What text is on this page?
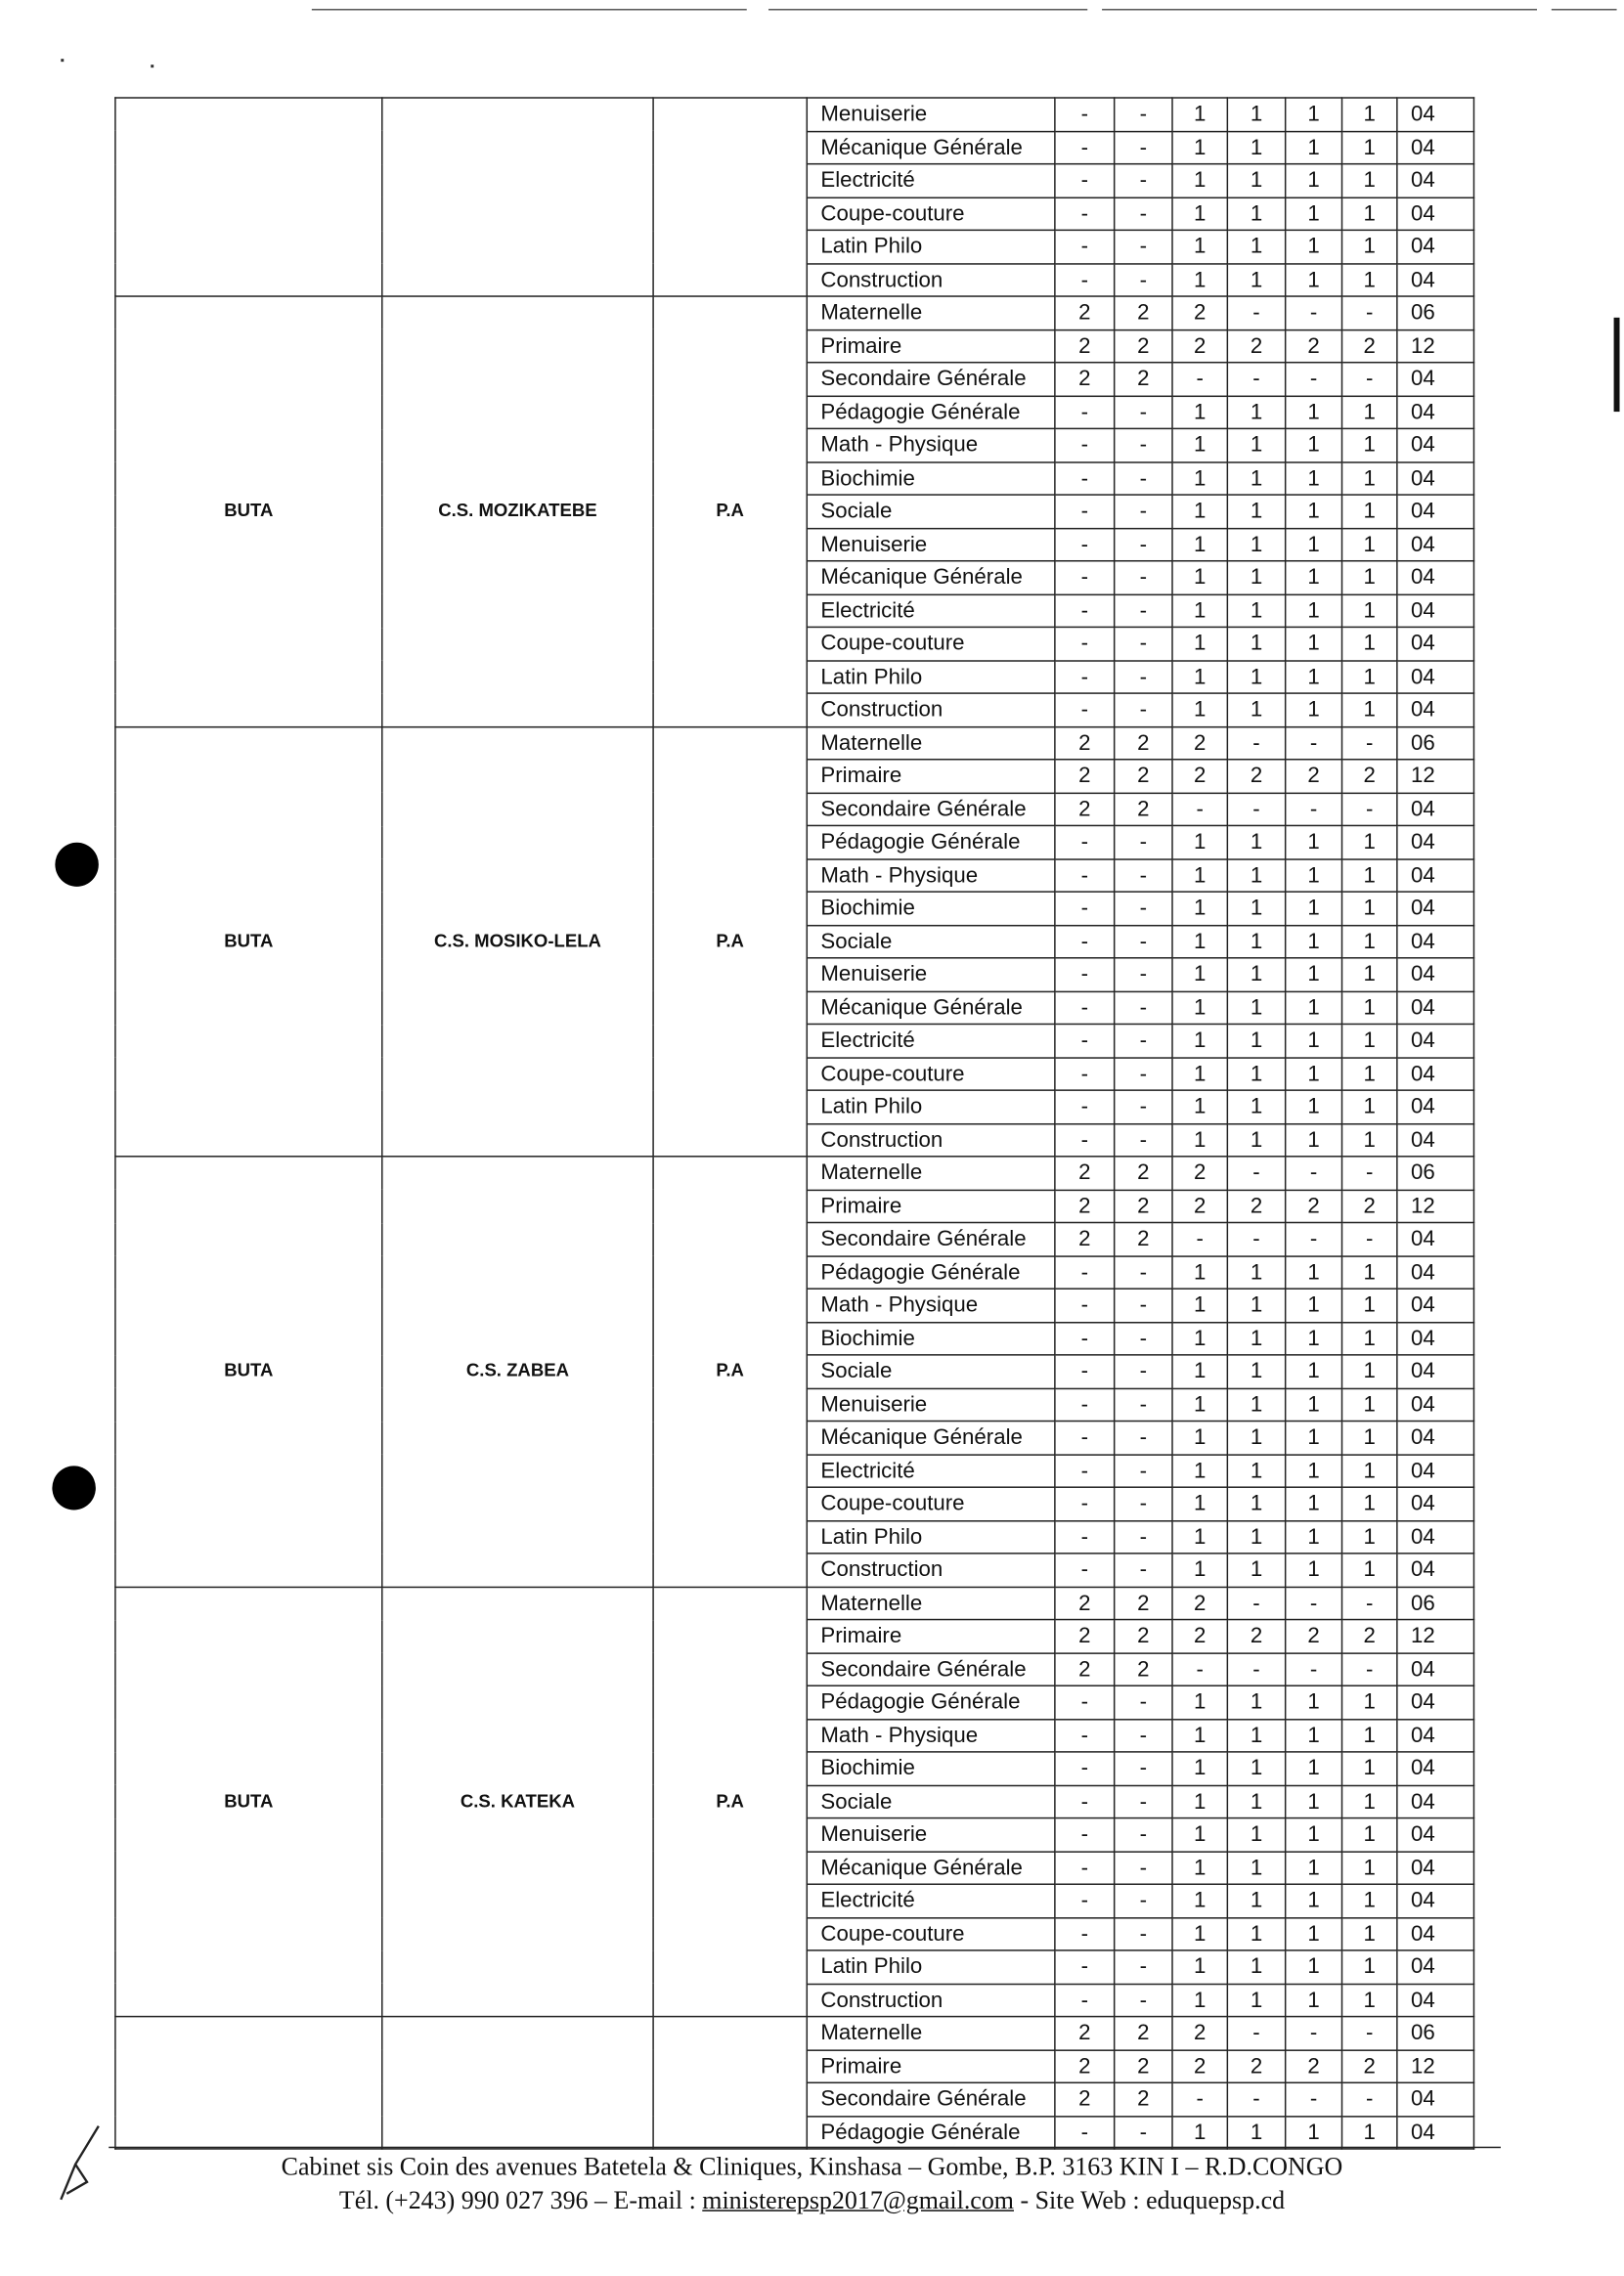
			Menuiserie	-	-	1	1	1	1	04
			Mécanique Générale	-	-	1	1	1	1	04
			Electricité	-	-	1	1	1	1	04
			Coupe-couture	-	-	1	1	1	1	04
			Latin Philo	-	-	1	1	1	1	04
			Construction	-	-	1	1	1	1	04
BUTA	C.S. MOZIKATEBE	P.A	Maternelle	2	2	2	-	-	-	06
			Primaire	2	2	2	2	2	2	12
			Secondaire Générale	2	2	-	-	-	-	04
			Pédagogie Générale	-	-	1	1	1	1	04
			Math - Physique	-	-	1	1	1	1	04
			Biochimie	-	-	1	1	1	1	04
			Sociale	-	-	1	1	1	1	04
			Menuiserie	-	-	1	1	1	1	04
			Mécanique Générale	-	-	1	1	1	1	04
			Electricité	-	-	1	1	1	1	04
			Coupe-couture	-	-	1	1	1	1	04
			Latin Philo	-	-	1	1	1	1	04
			Construction	-	-	1	1	1	1	04
BUTA	C.S. MOSIKO-LELA	P.A	Maternelle	2	2	2	-	-	-	06
			Primaire	2	2	2	2	2	2	12
			Secondaire Générale	2	2	-	-	-	-	04
			Pédagogie Générale	-	-	1	1	1	1	04
			Math - Physique	-	-	1	1	1	1	04
			Biochimie	-	-	1	1	1	1	04
			Sociale	-	-	1	1	1	1	04
			Menuiserie	-	-	1	1	1	1	04
			Mécanique Générale	-	-	1	1	1	1	04
			Electricité	-	-	1	1	1	1	04
			Coupe-couture	-	-	1	1	1	1	04
			Latin Philo	-	-	1	1	1	1	04
			Construction	-	-	1	1	1	1	04
BUTA	C.S. ZABEA	P.A	Maternelle	2	2	2	-	-	-	06
			Primaire	2	2	2	2	2	2	12
			Secondaire Générale	2	2	-	-	-	-	04
			Pédagogie Générale	-	-	1	1	1	1	04
			Math - Physique	-	-	1	1	1	1	04
			Biochimie	-	-	1	1	1	1	04
			Sociale	-	-	1	1	1	1	04
			Menuiserie	-	-	1	1	1	1	04
			Mécanique Générale	-	-	1	1	1	1	04
			Electricité	-	-	1	1	1	1	04
			Coupe-couture	-	-	1	1	1	1	04
			Latin Philo	-	-	1	1	1	1	04
			Construction	-	-	1	1	1	1	04
BUTA	C.S. KATEKA	P.A	Maternelle	2	2	2	-	-	-	06
			Primaire	2	2	2	2	2	2	12
			Secondaire Générale	2	2	-	-	-	-	04
			Pédagogie Générale	-	-	1	1	1	1	04
			Math - Physique	-	-	1	1	1	1	04
			Biochimie	-	-	1	1	1	1	04
			Sociale	-	-	1	1	1	1	04
			Menuiserie	-	-	1	1	1	1	04
			Mécanique Générale	-	-	1	1	1	1	04
			Electricité	-	-	1	1	1	1	04
			Coupe-couture	-	-	1	1	1	1	04
			Latin Philo	-	-	1	1	1	1	04
			Construction	-	-	1	1	1	1	04
			Maternelle	2	2	2	-	-	-	06
			Primaire	2	2	2	2	2	2	12
			Secondaire Générale	2	2	-	-	-	-	04
			Pédagogie Générale	-	-	1	1	1	1	04
Cabinet sis Coin des avenues Batetela & Cliniques, Kinshasa – Gombe, B.P. 3163 KIN I – R.D.CONGO
Tél. (+243) 990 027 396 – E-mail : ministerepsp2017@gmail.com - Site Web : eduquepsp.cd
